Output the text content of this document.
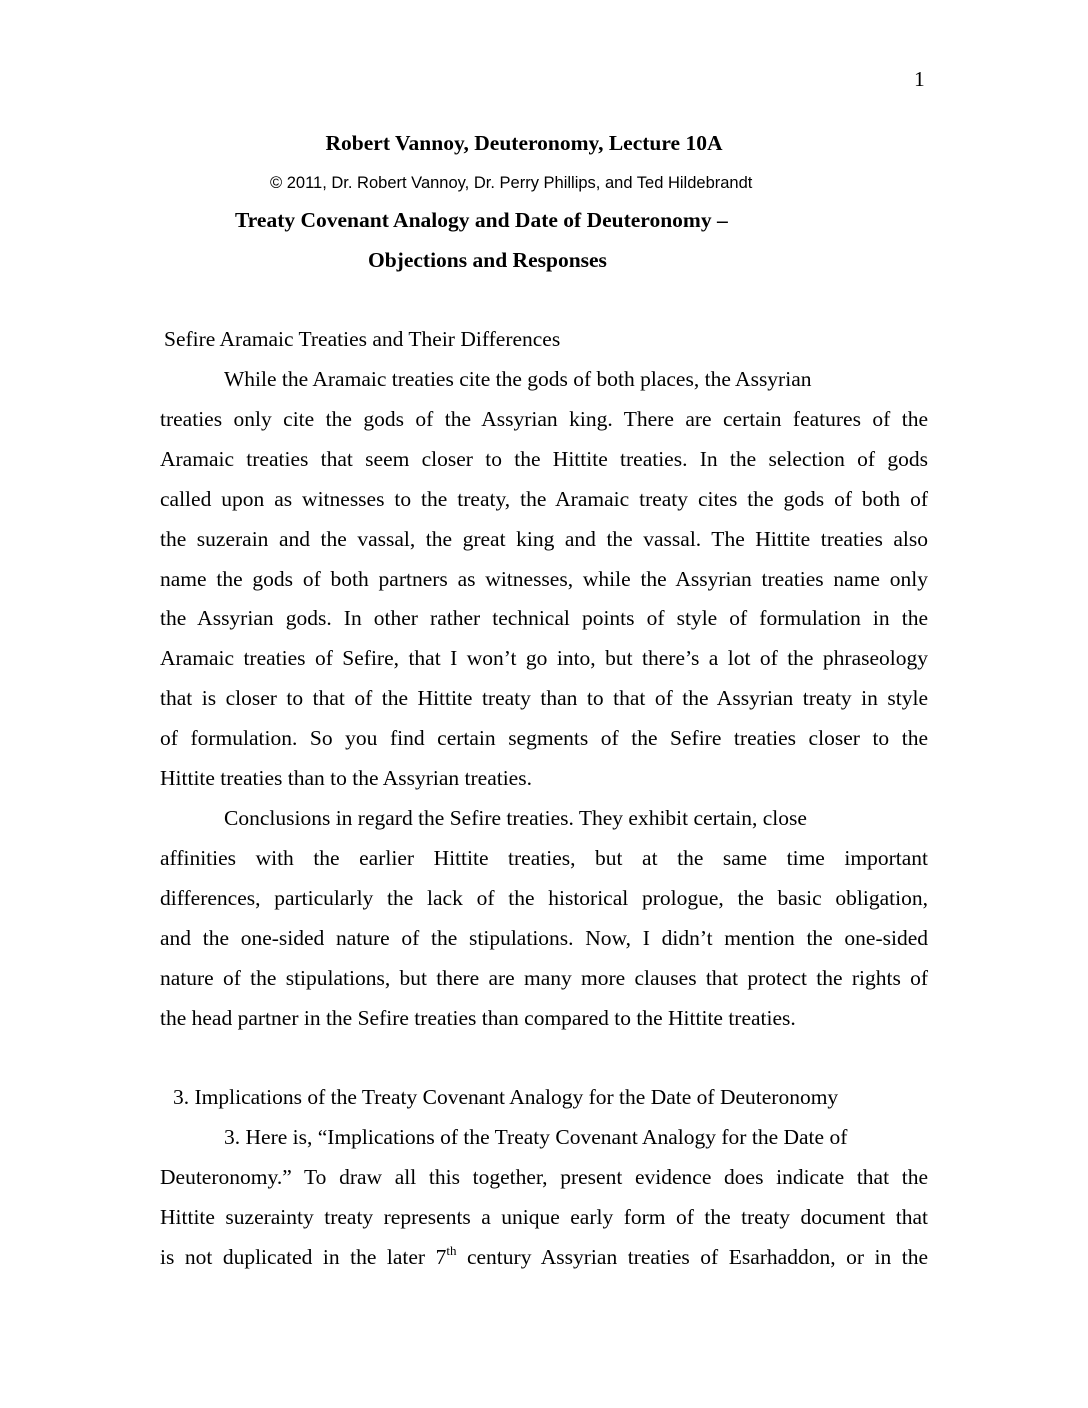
1
Robert Vannoy, Deuteronomy, Lecture 10A
© 2011, Dr. Robert Vannoy, Dr. Perry Phillips, and Ted Hildebrandt
Treaty Covenant Analogy and Date of Deuteronomy –
Objections and Responses
Sefire Aramaic Treaties and Their Differences
While the Aramaic treaties cite the gods of both places, the Assyrian
treaties only cite the gods of the Assyrian king. There are certain features of the
Aramaic treaties that seem closer to the Hittite treaties. In the selection of gods
called upon as witnesses to the treaty, the Aramaic treaty cites the gods of both of
the suzerain and the vassal, the great king and the vassal. The Hittite treaties also
name the gods of both partners as witnesses, while the Assyrian treaties name only
the Assyrian gods. In other rather technical points of style of formulation in the
Aramaic treaties of Sefire, that I won’t go into, but there’s a lot of the phraseology
that is closer to that of the Hittite treaty than to that of the Assyrian treaty in style
of formulation. So you find certain segments of the Sefire treaties closer to the
Hittite treaties than to the Assyrian treaties.
Conclusions in regard the Sefire treaties. They exhibit certain, close
affinities with the earlier Hittite treaties, but at the same time important
differences, particularly the lack of the historical prologue, the basic obligation,
and the one-sided nature of the stipulations. Now, I didn’t mention the one-sided
nature of the stipulations, but there are many more clauses that protect the rights of
the head partner in the Sefire treaties than compared to the Hittite treaties.
3. Implications of the Treaty Covenant Analogy for the Date of Deuteronomy
3. Here is, “Implications of the Treaty Covenant Analogy for the Date of
Deuteronomy.” To draw all this together, present evidence does indicate that the
Hittite suzerainty treaty represents a unique early form of the treaty document that
is not duplicated in the later 7th century Assyrian treaties of Esarhaddon, or in the
